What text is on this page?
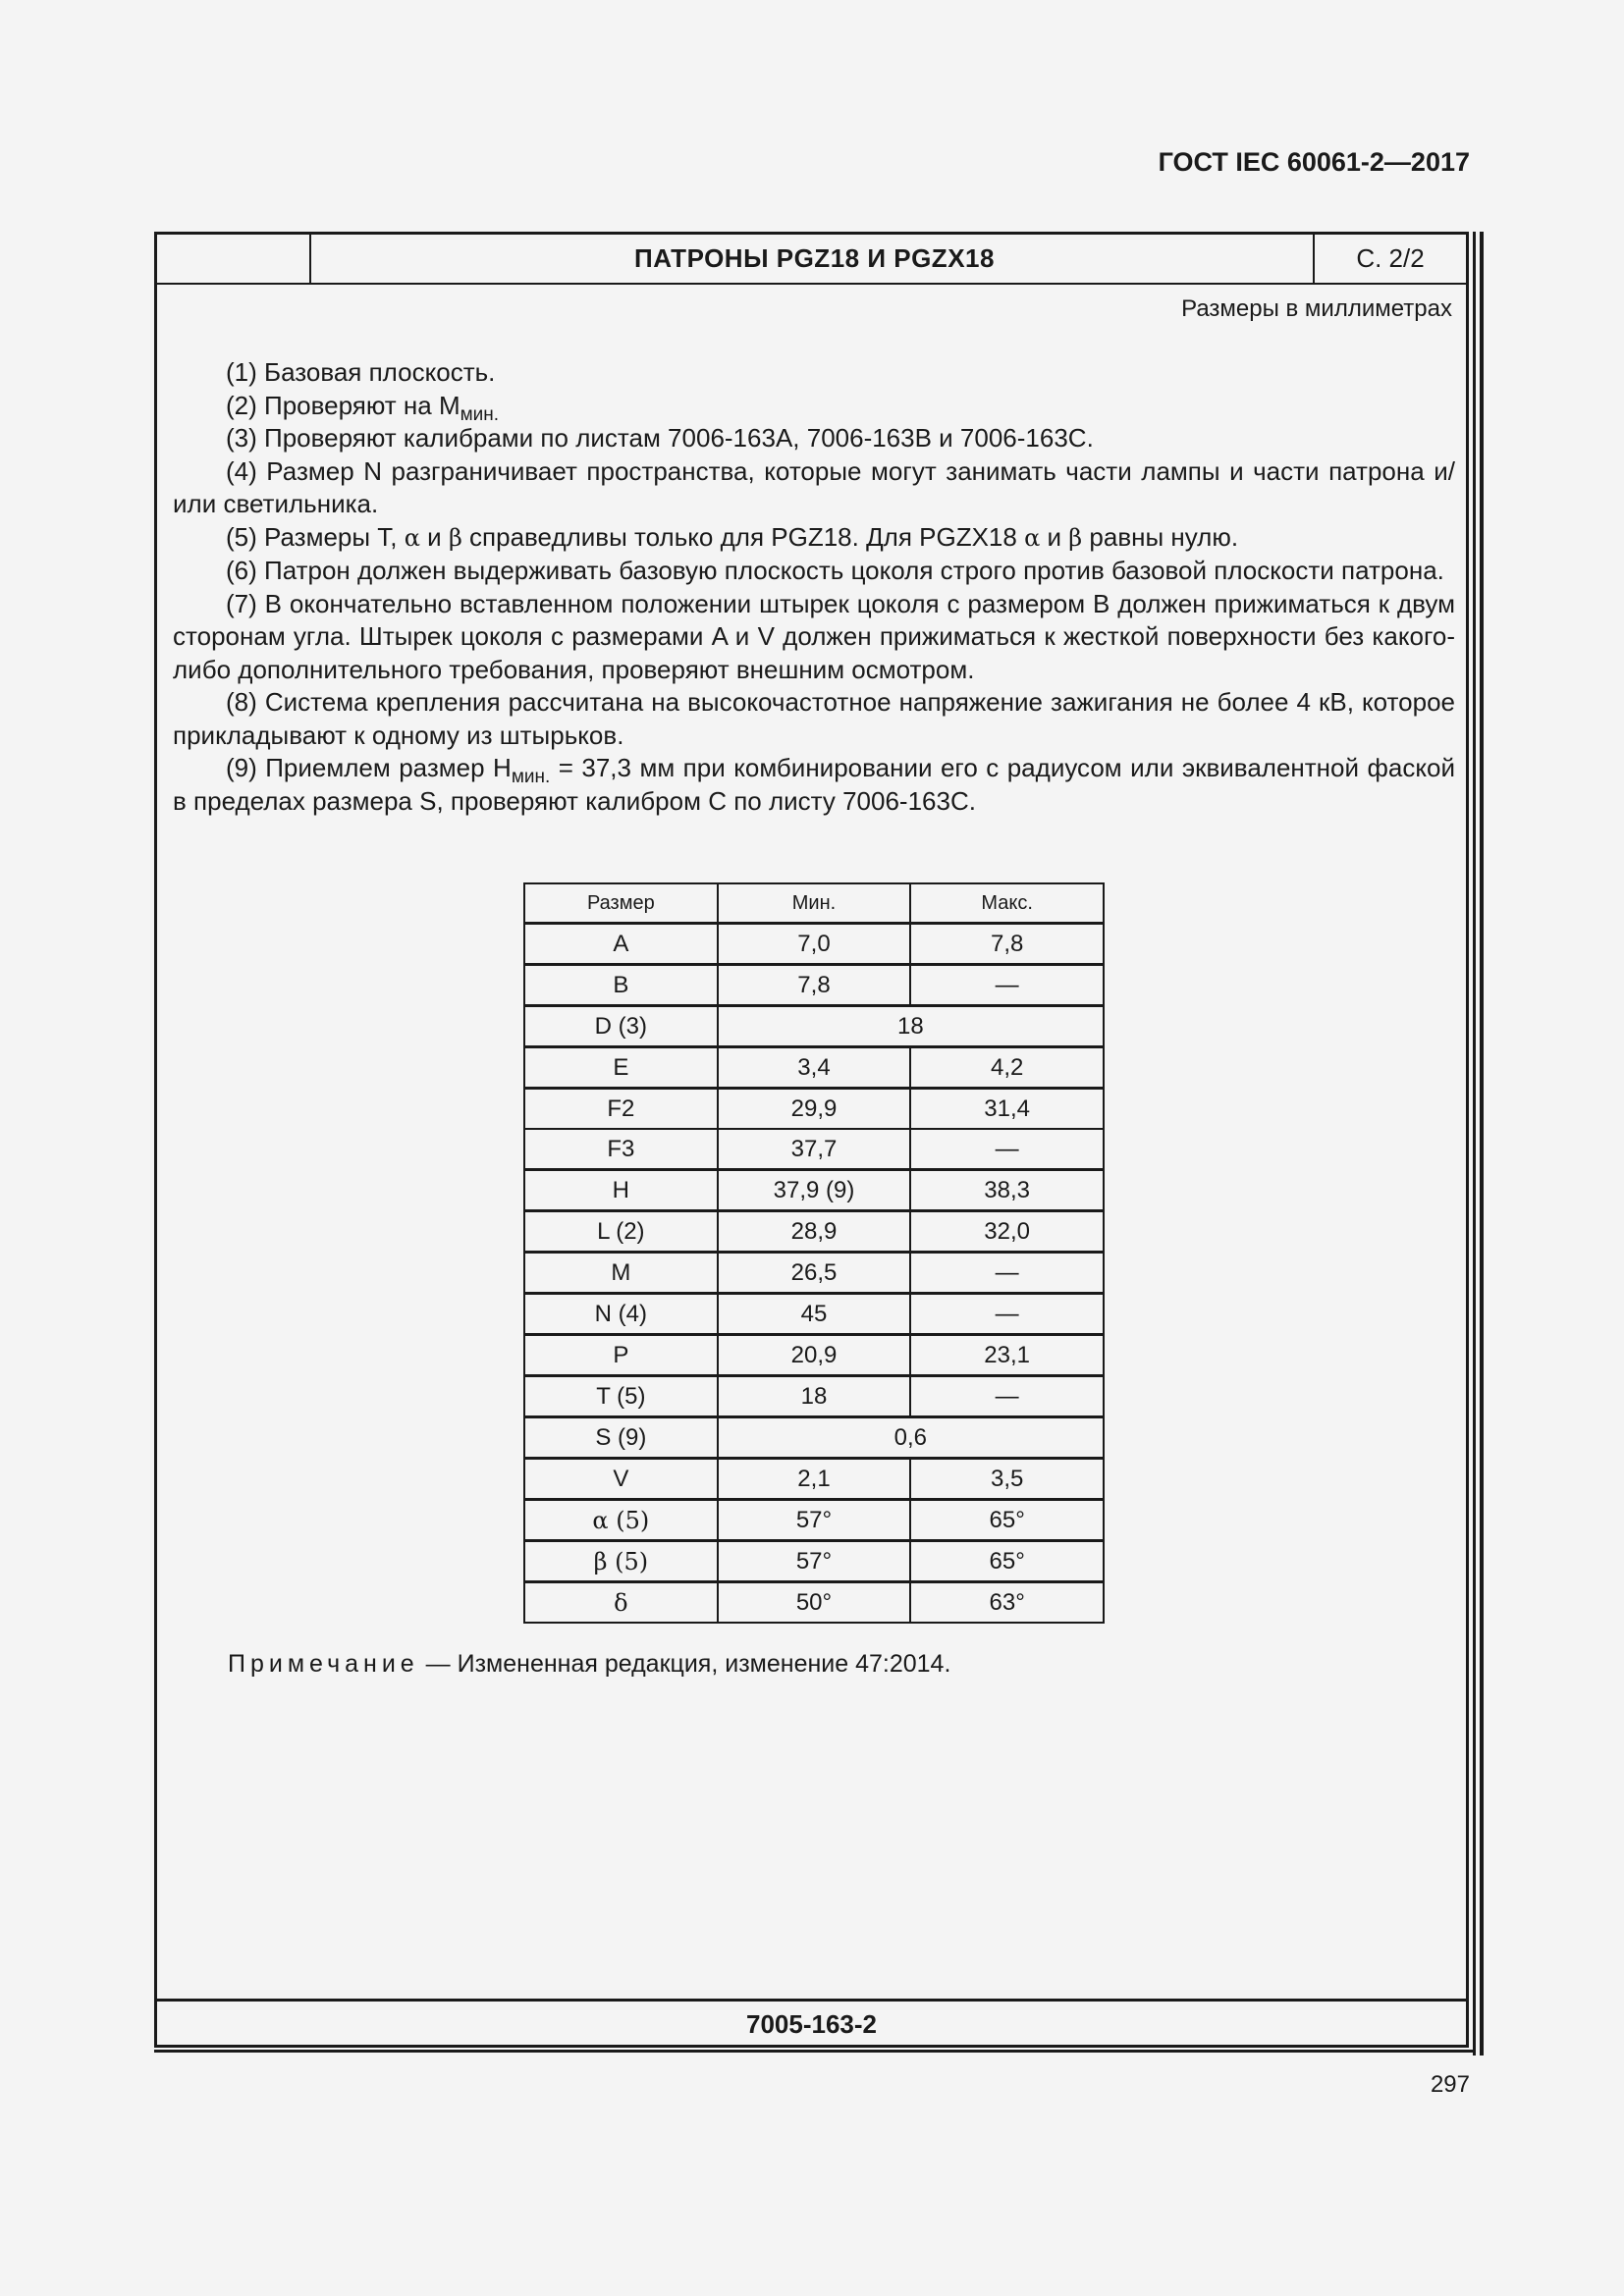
ГОСТ IEC 60061-2—2017
ПАТРОНЫ PGZ18 И PGZX18	С. 2/2
Размеры в миллиметрах

(1) Базовая плоскость.

(2) Проверяют на $M_{мин.}$

(3) Проверяют калибрами по листам 7006-163A, 7006-163B и 7006-163C.

(4) Размер N разграничивает пространства, которые могут занимать части лампы и части патрона и/или светильника.

(5) Размеры T, α и β справедливы только для PGZ18. Для PGZX18 α и β равны нулю.

(6) Патрон должен выдерживать базовую плоскость цоколя строго против базовой плоскости патрона.

(7) В окончательно вставленном положении штырек цоколя с размером B должен прижиматься к двум сторонам угла. Штырек цоколя с размерами A и V должен прижиматься к жесткой поверхности без какого-либо дополнительного требования, проверяют внешним осмотром.

(8) Система крепления рассчитана на высокочастотное напряжение зажигания не более 4 кВ, которое прикладывают к одному из штырьков.

(9) Приемлем размер $H_{мин.} = 37,3$ мм при комбинировании его с радиусом или эквивалентной фаской в пределах размера S, проверяют калибром C по листу 7006-163C.

Размер	Мин.	Макс.
A	7,0	7,8
B	7,8	—
D (3)	18	
E	3,4	4,2
F2	29,9	31,4
F3	37,7	—
H	37,9 (9)	38,3
L (2)	28,9	32,0
M	26,5	—
N (4)	45	—
P	20,9	23,1
T (5)	18	—
S (9)	0,6	
V	2,1	3,5
α (5)	57°	65°
β (5)	57°	65°
δ	50°	63°
Примечание — Измененная редакция, изменение 47:2014.
7005-163-2
297
